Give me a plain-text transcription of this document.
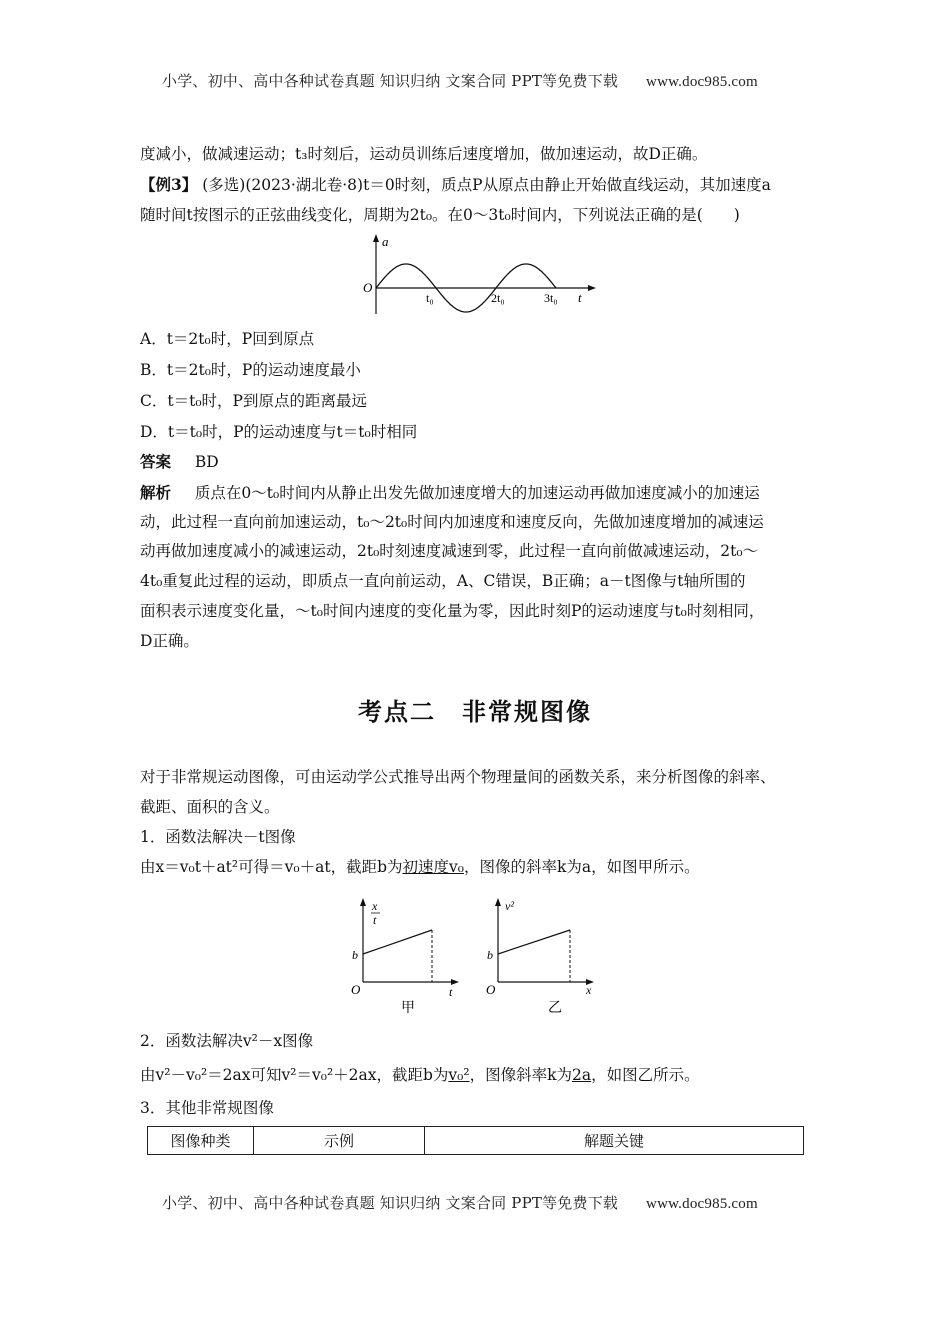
小学、初中、高中各种试卷真题 知识归纳 文案合同 PPT等免费下载 www.doc985.com
度减小，做减速运动；t₃时刻后，运动员训练后速度增加，做加速运动，故D正确。
【例3】 (多选)(2023·湖北卷·8)t＝0时刻，质点P从原点由静止开始做直线运动，其加速度a
随时间t按图示的正弦曲线变化，周期为2t₀。在0～3t₀时间内，下列说法正确的是(　　)
a
O
t
t₀	2t₀	3t₀
A．t＝2t₀时，P回到原点
B．t＝2t₀时，P的运动速度最小
C．t＝t₀时，P到原点的距离最远
D．t＝t₀时，P的运动速度与t＝t₀时相同
答案 BD
解析 质点在0～t₀时间内从静止出发先做加速度增大的加速运动再做加速度减小的加速运
动，此过程一直向前加速运动，t₀～2t₀时间内加速度和速度反向，先做加速度增加的减速运
动再做加速度减小的减速运动，2t₀时刻速度减速到零，此过程一直向前做减速运动，2t₀～
4t₀重复此过程的运动，即质点一直向前运动，A、C错误，B正确；a－t图像与t轴所围的
面积表示速度变化量，～t₀时间内速度的变化量为零，因此时刻P的运动速度与t₀时刻相同，
D正确。
考点二　非常规图像
对于非常规运动图像，可由运动学公式推导出两个物理量间的函数关系，来分析图像的斜率、
截距、面积的含义。
1．函数法解决－t图像
由x＝v₀t＋at²可得＝v₀＋at，截距b为初速度v₀，图像的斜率k为a，如图甲所示。
x
t
b
O	t
甲
v²
b
O	x
乙
2．函数法解决v²－x图像
由v²－v₀²＝2ax可知v²＝v₀²＋2ax，截距b为v₀²，图像斜率k为2a，如图乙所示。
3．其他非常规图像
图像种类	示例	解题关键
小学、初中、高中各种试卷真题 知识归纳 文案合同 PPT等免费下载 www.doc985.com
